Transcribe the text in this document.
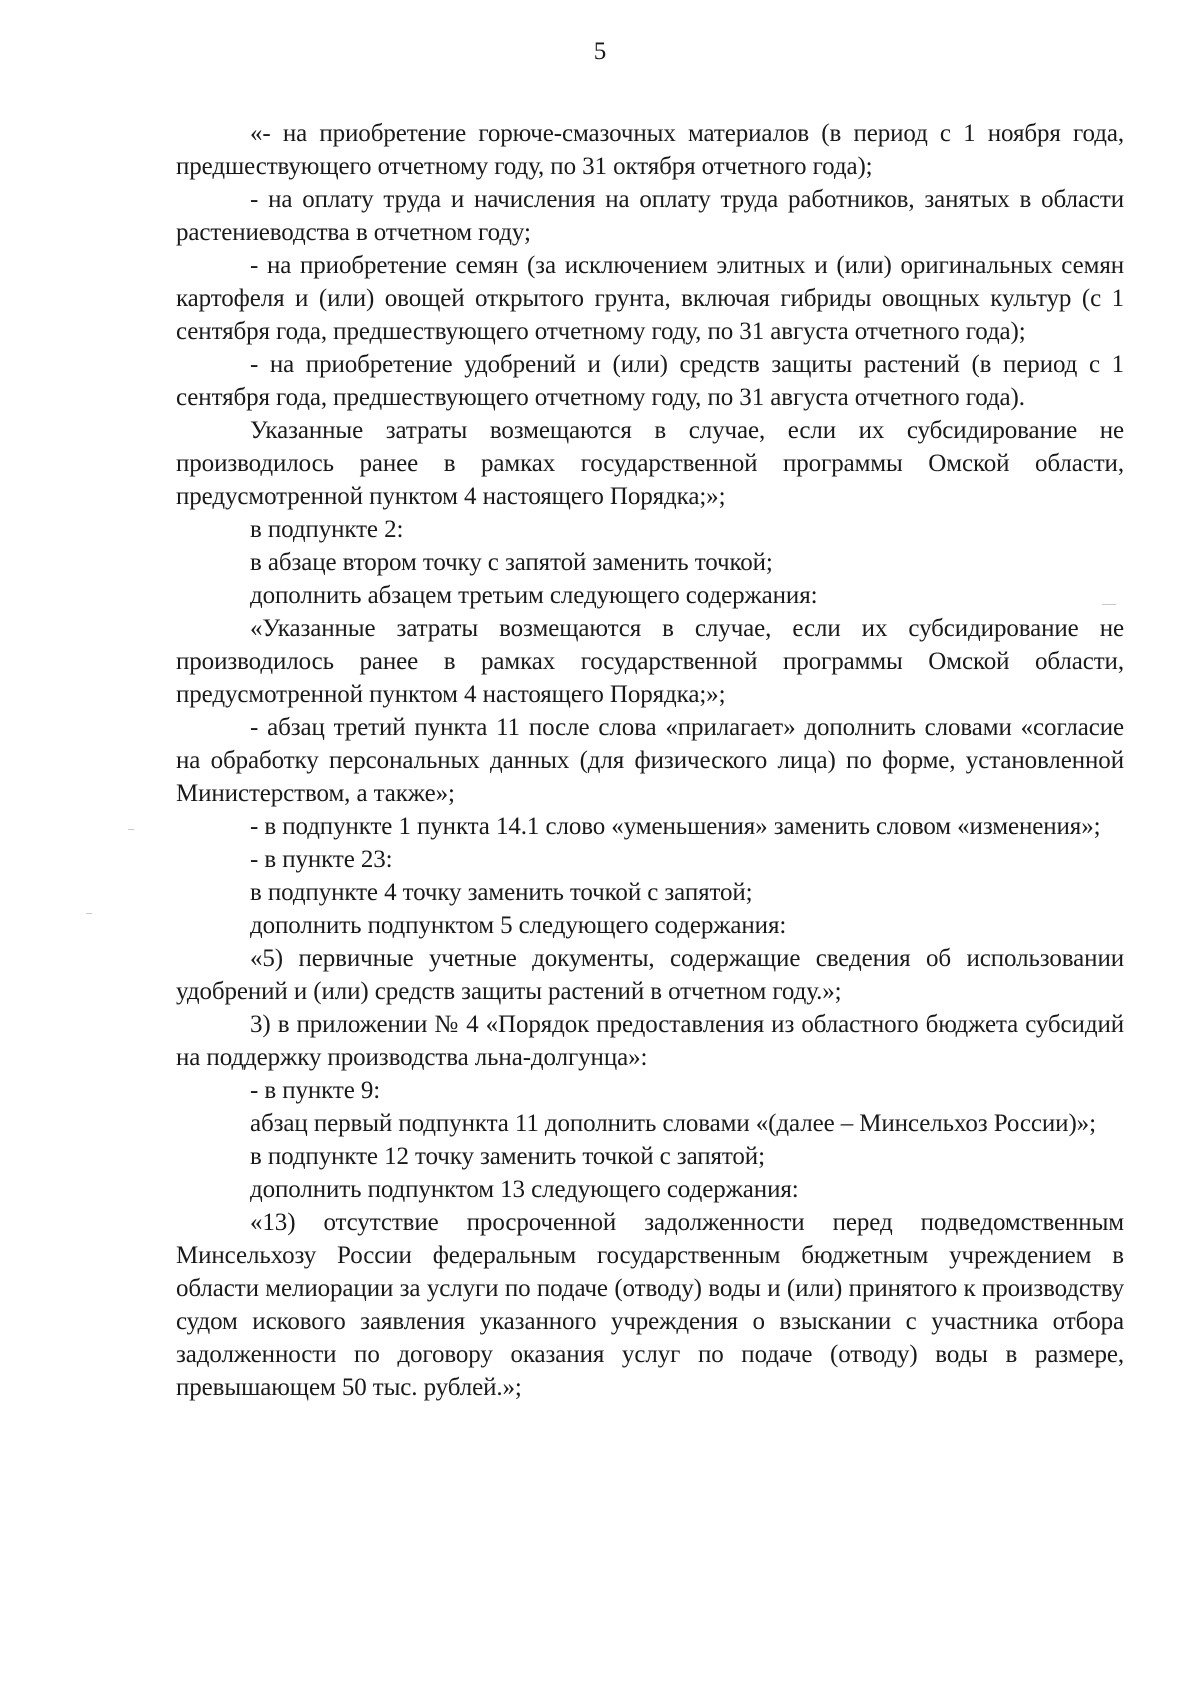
5

«- на приобретение горюче-смазочных материалов (в период с 1 ноября года, предшествующего отчетному году, по 31 октября отчетного года);

- на оплату труда и начисления на оплату труда работников, занятых в области растениеводства в отчетном году;

- на приобретение семян (за исключением элитных и (или) оригинальных семян картофеля и (или) овощей открытого грунта, включая гибриды овощных культур (с 1 сентября года, предшествующего отчетному году, по 31 августа отчетного года);

- на приобретение удобрений и (или) средств защиты растений (в период с 1 сентября года, предшествующего отчетному году, по 31 августа отчетного года).

Указанные затраты возмещаются в случае, если их субсидирование не производилось ранее в рамках государственной программы Омской области, предусмотренной пунктом 4 настоящего Порядка;»;

в подпункте 2:

в абзаце втором точку с запятой заменить точкой;

дополнить абзацем третьим следующего содержания:

«Указанные затраты возмещаются в случае, если их субсидирование не производилось ранее в рамках государственной программы Омской области, предусмотренной пунктом 4 настоящего Порядка;»;

- абзац третий пункта 11 после слова «прилагает» дополнить словами «согласие на обработку персональных данных (для физического лица) по форме, установленной Министерством, а также»;

- в подпункте 1 пункта 14.1 слово «уменьшения» заменить словом «изменения»;

- в пункте 23:

в подпункте 4 точку заменить точкой с запятой;

дополнить подпунктом 5 следующего содержания:

«5) первичные учетные документы, содержащие сведения об использовании удобрений и (или) средств защиты растений в отчетном году.»;

3) в приложении № 4 «Порядок предоставления из областного бюджета субсидий на поддержку производства льна-долгунца»:

- в пункте 9:

абзац первый подпункта 11 дополнить словами «(далее – Минсельхоз России)»;

в подпункте 12 точку заменить точкой с запятой;

дополнить подпунктом 13 следующего содержания:

«13) отсутствие просроченной задолженности перед подведомственным Минсельхозу России федеральным государственным бюджетным учреждением в области мелиорации за услуги по подаче (отводу) воды и (или) принятого к производству судом искового заявления указанного учреждения о взыскании с участника отбора задолженности по договору оказания услуг по подаче (отводу) воды в размере, превышающем 50 тыс. рублей.»;
